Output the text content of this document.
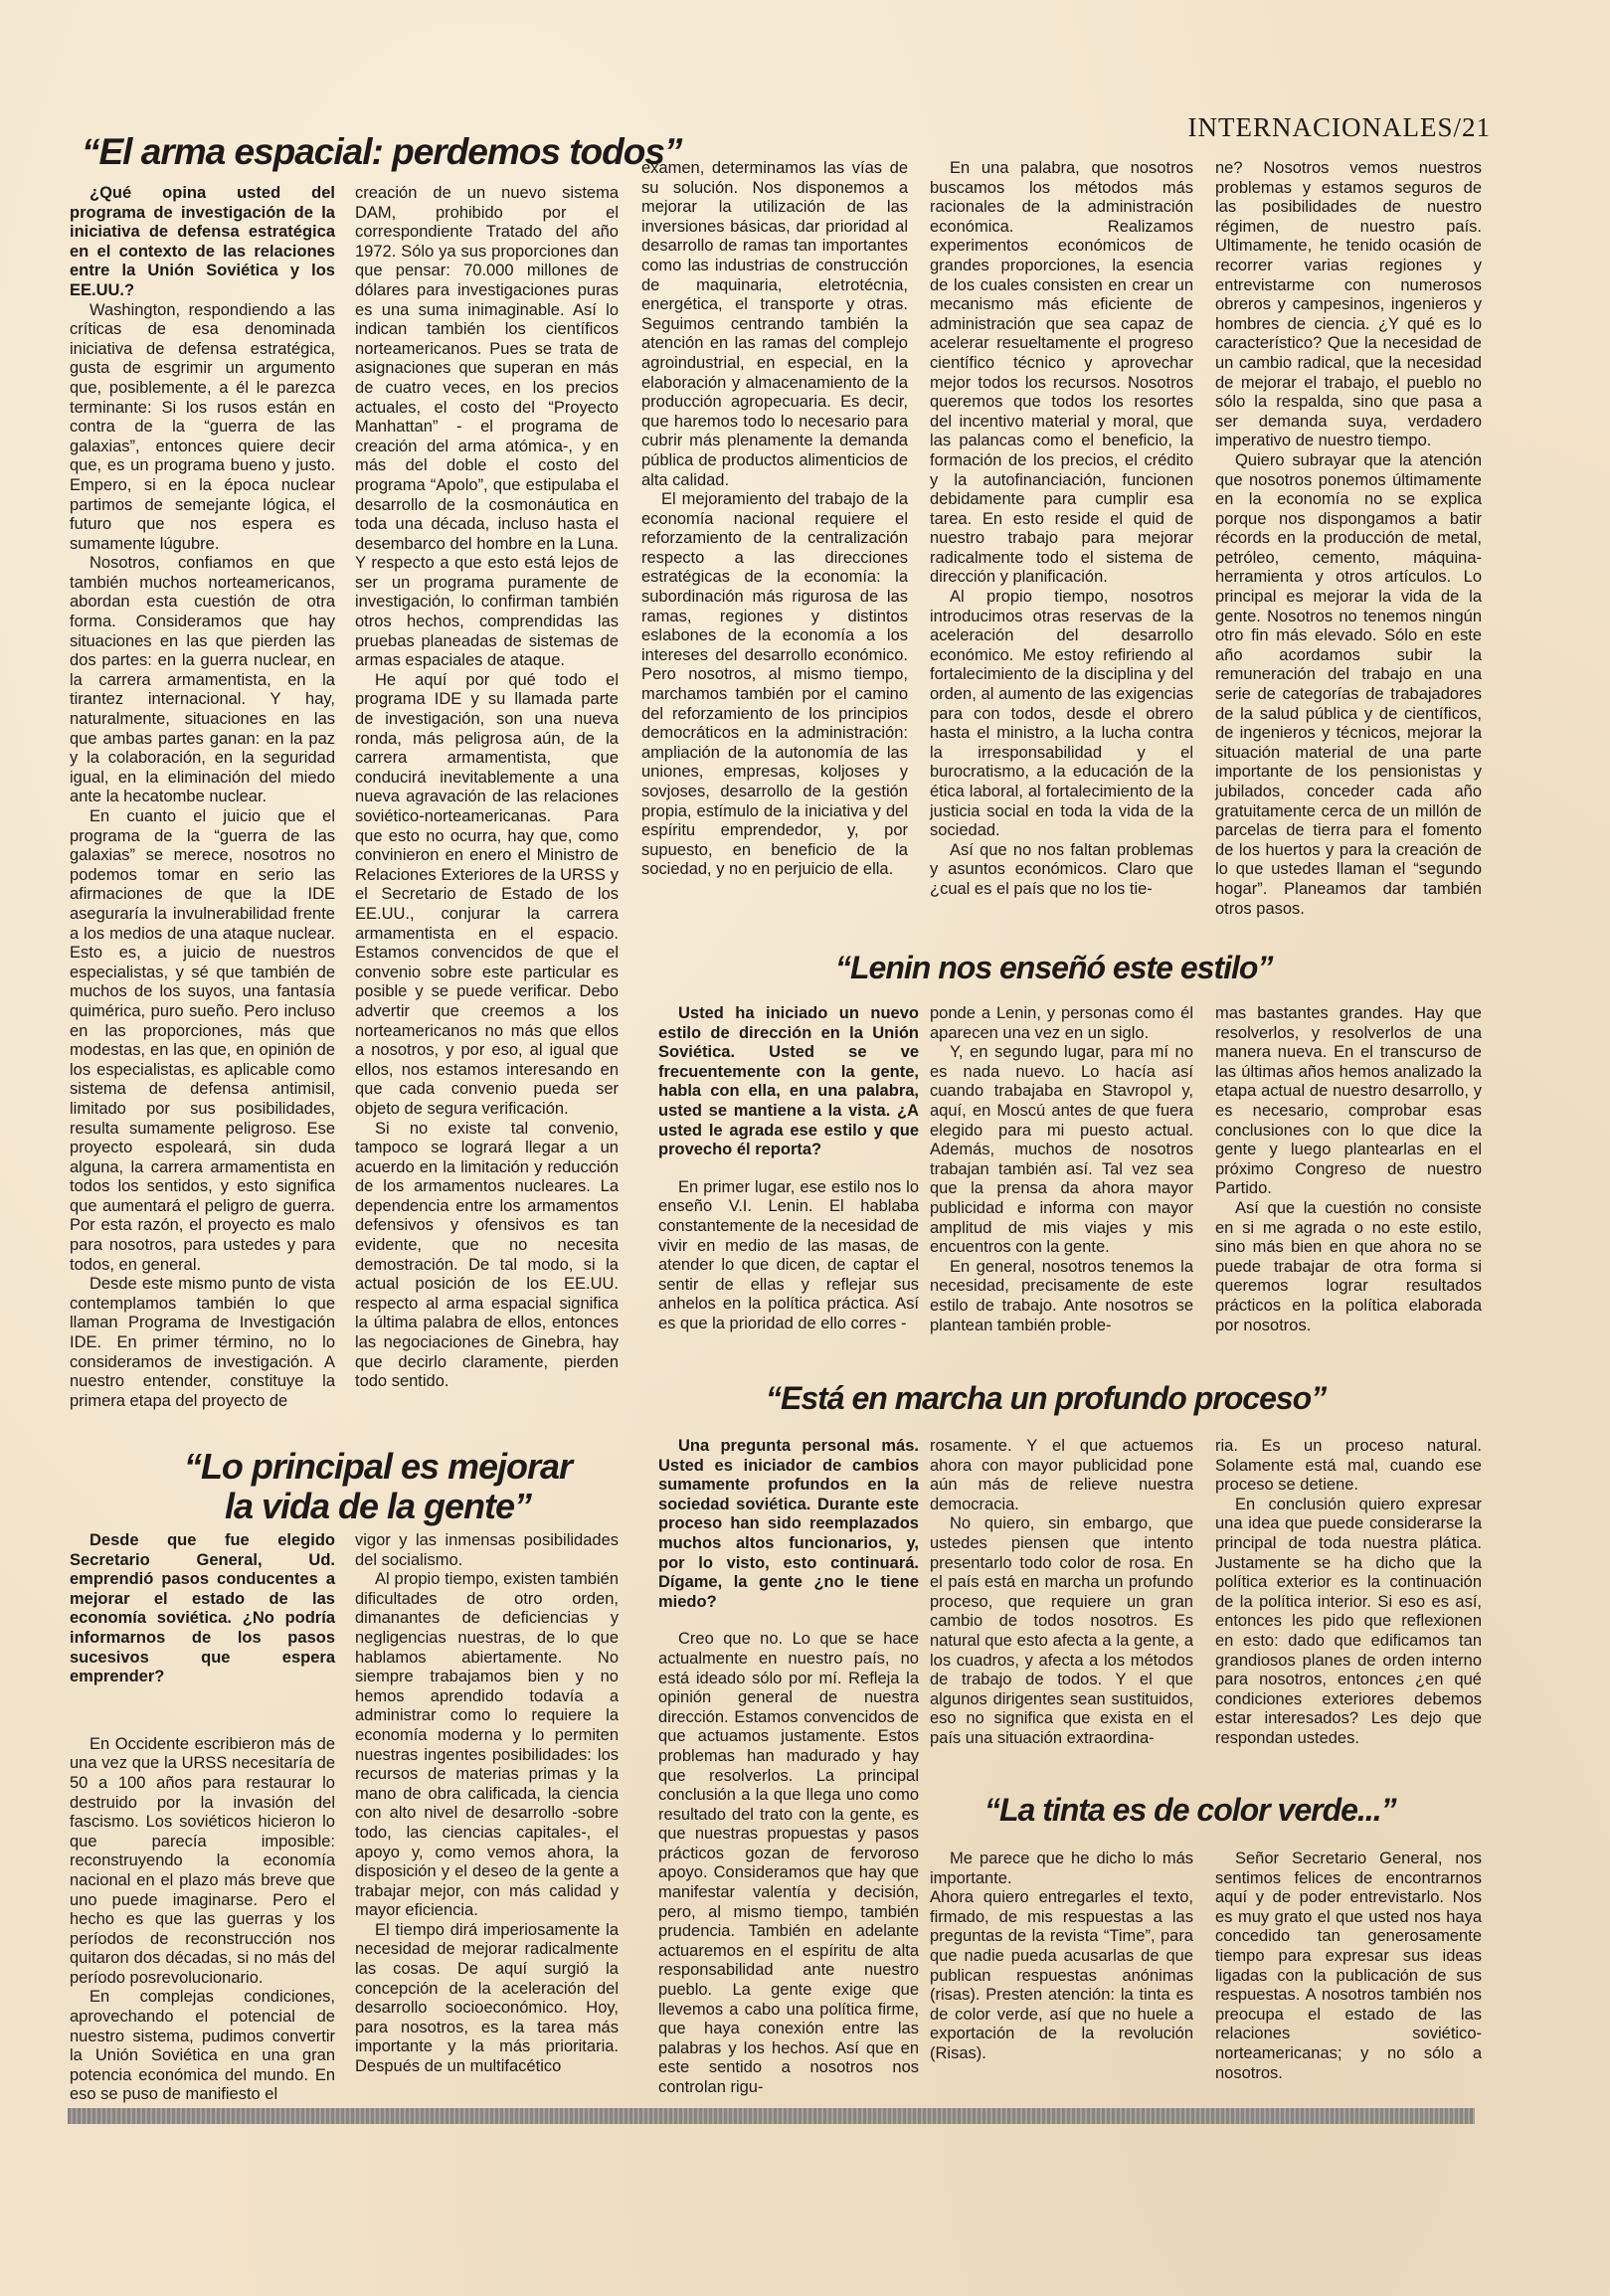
INTERNACIONALES/21
“El arma espacial: perdemos todos”

¿Qué opina usted del programa de investigación de la iniciativa de defensa estratégica en el contexto de las relaciones entre la Unión Soviética y los EE.UU.?

Washington, respondiendo a las críticas de esa denominada iniciativa de defensa estratégica, gusta de esgrimir un argumento que, posiblemente, a él le parezca terminante: Si los rusos están en contra de la “guerra de las galaxias”, entonces quiere decir que, es un programa bueno y justo. Empero, si en la época nuclear partimos de semejante lógica, el futuro que nos espera es sumamente lúgubre.

Nosotros, confiamos en que también muchos norteamericanos, abordan esta cuestión de otra forma. Consideramos que hay situaciones en las que pierden las dos partes: en la guerra nuclear, en la carrera armamentista, en la tirantez internacional. Y hay, naturalmente, situaciones en las que ambas partes ganan: en la paz y la colaboración, en la seguridad igual, en la eliminación del miedo ante la hecatombe nuclear.

En cuanto el juicio que el programa de la “guerra de las galaxias” se merece, nosotros no podemos tomar en serio las afirmaciones de que la IDE aseguraría la invulnerabilidad frente a los medios de una ataque nuclear. Esto es, a juicio de nuestros especialistas, y sé que también de muchos de los suyos, una fantasía quimérica, puro sueño. Pero incluso en las proporciones, más que modestas, en las que, en opinión de los especialistas, es aplicable como sistema de defensa antimisil, limitado por sus posibilidades, resulta sumamente peligroso. Ese proyecto espoleará, sin duda alguna, la carrera armamentista en todos los sentidos, y esto significa que aumentará el peligro de guerra. Por esta razón, el proyecto es malo para nosotros, para ustedes y para todos, en general.

Desde este mismo punto de vista contemplamos también lo que llaman Programa de Investigación IDE. En primer término, no lo consideramos de investigación. A nuestro entender, constituye la primera etapa del proyecto de

creación de un nuevo sistema DAM, prohibido por el correspondiente Tratado del año 1972. Sólo ya sus proporciones dan que pensar: 70.000 millones de dólares para investigaciones puras es una suma inimaginable. Así lo indican también los científicos norteamericanos. Pues se trata de asignaciones que superan en más de cuatro veces, en los precios actuales, el costo del “Proyecto Manhattan” - el programa de creación del arma atómica-, y en más del doble el costo del programa “Apolo”, que estipulaba el desarrollo de la cosmonáutica en toda una década, incluso hasta el desembarco del hombre en la Luna. Y respecto a que esto está lejos de ser un programa puramente de investigación, lo confirman también otros hechos, comprendidas las pruebas planeadas de sistemas de armas espaciales de ataque.

He aquí por qué todo el programa IDE y su llamada parte de investigación, son una nueva ronda, más peligrosa aún, de la carrera armamentista, que conducirá inevitablemente a una nueva agravación de las relaciones soviético-norteamericanas. Para que esto no ocurra, hay que, como convinieron en enero el Ministro de Relaciones Exteriores de la URSS y el Secretario de Estado de los EE.UU., conjurar la carrera armamentista en el espacio. Estamos convencidos de que el convenio sobre este particular es posible y se puede verificar. Debo advertir que creemos a los norteamericanos no más que ellos a nosotros, y por eso, al igual que ellos, nos estamos interesando en que cada convenio pueda ser objeto de segura verificación.

Si no existe tal convenio, tampoco se logrará llegar a un acuerdo en la limitación y reducción de los armamentos nucleares. La dependencia entre los armamentos defensivos y ofensivos es tan evidente, que no necesita demostración. De tal modo, si la actual posición de los EE.UU. respecto al arma espacial significa la última palabra de ellos, entonces las negociaciones de Ginebra, hay que decirlo claramente, pierden todo sentido.

examen, determinamos las vías de su solución. Nos disponemos a mejorar la utilización de las inversiones básicas, dar prioridad al desarrollo de ramas tan importantes como las industrias de construcción de maquinaria, eletrotécnia, energética, el transporte y otras. Seguimos centrando también la atención en las ramas del complejo agroindustrial, en especial, en la elaboración y almacenamiento de la producción agropecuaria. Es decir, que haremos todo lo necesario para cubrir más plenamente la demanda pública de productos alimenticios de alta calidad.

El mejoramiento del trabajo de la economía nacional requiere el reforzamiento de la centralización respecto a las direcciones estratégicas de la economía: la subordinación más rigurosa de las ramas, regiones y distintos eslabones de la economía a los intereses del desarrollo económico. Pero nosotros, al mismo tiempo, marchamos también por el camino del reforzamiento de los principios democráticos en la administración: ampliación de la autonomía de las uniones, empresas, koljoses y sovjoses, desarrollo de la gestión propia, estímulo de la iniciativa y del espíritu emprendedor, y, por supuesto, en beneficio de la sociedad, y no en perjuicio de ella.

En una palabra, que nosotros buscamos los métodos más racionales de la administración económica. Realizamos experimentos económicos de grandes proporciones, la esencia de los cuales consisten en crear un mecanismo más eficiente de administración que sea capaz de acelerar resueltamente el progreso científico técnico y aprovechar mejor todos los recursos. Nosotros queremos que todos los resortes del incentivo material y moral, que las palancas como el beneficio, la formación de los precios, el crédito y la autofinanciación, funcionen debidamente para cumplir esa tarea. En esto reside el quid de nuestro trabajo para mejorar radicalmente todo el sistema de dirección y planificación.

Al propio tiempo, nosotros introducimos otras reservas de la aceleración del desarrollo económico. Me estoy refiriendo al fortalecimiento de la disciplina y del orden, al aumento de las exigencias para con todos, desde el obrero hasta el ministro, a la lucha contra la irresponsabilidad y el burocratismo, a la educación de la ética laboral, al fortalecimiento de la justicia social en toda la vida de la sociedad.

Así que no nos faltan problemas y asuntos económicos. Claro que ¿cual es el país que no los tie-

ne? Nosotros vemos nuestros problemas y estamos seguros de las posibilidades de nuestro régimen, de nuestro país. Ultimamente, he tenido ocasión de recorrer varias regiones y entrevistarme con numerosos obreros y campesinos, ingenieros y hombres de ciencia. ¿Y qué es lo característico? Que la necesidad de un cambio radical, que la necesidad de mejorar el trabajo, el pueblo no sólo la respalda, sino que pasa a ser demanda suya, verdadero imperativo de nuestro tiempo.

Quiero subrayar que la atención que nosotros ponemos últimamente en la economía no se explica porque nos dispongamos a batir récords en la producción de metal, petróleo, cemento, máquina-herramienta y otros artículos. Lo principal es mejorar la vida de la gente. Nosotros no tenemos ningún otro fin más elevado. Sólo en este año acordamos subir la remuneración del trabajo en una serie de categorías de trabajadores de la salud pública y de científicos, de ingenieros y técnicos, mejorar la situación material de una parte importante de los pensionistas y jubilados, conceder cada año gratuitamente cerca de un millón de parcelas de tierra para el fomento de los huertos y para la creación de lo que ustedes llaman el “segundo hogar”. Planeamos dar también otros pasos.

“Lo principal es mejorar
la vida de la gente”

Desde que fue elegido Secretario General, Ud. emprendió pasos conducentes a mejorar el estado de las economía soviética. ¿No podría informarnos de los pasos sucesivos que espera emprender?

En Occidente escribieron más de una vez que la URSS necesitaría de 50 a 100 años para restaurar lo destruido por la invasión del fascismo. Los soviéticos hicieron lo que parecía imposible: reconstruyendo la economía nacional en el plazo más breve que uno puede imaginarse. Pero el hecho es que las guerras y los períodos de reconstrucción nos quitaron dos décadas, si no más del período posrevolucionario.

En complejas condiciones, aprovechando el potencial de nuestro sistema, pudimos convertir la Unión Soviética en una gran potencia económica del mundo. En eso se puso de manifiesto el

vigor y las inmensas posibilidades del socialismo.

Al propio tiempo, existen también dificultades de otro orden, dimanantes de deficiencias y negligencias nuestras, de lo que hablamos abiertamente. No siempre trabajamos bien y no hemos aprendido todavía a administrar como lo requiere la economía moderna y lo permiten nuestras ingentes posibilidades: los recursos de materias primas y la mano de obra calificada, la ciencia con alto nivel de desarrollo -sobre todo, las ciencias capitales-, el apoyo y, como vemos ahora, la disposición y el deseo de la gente a trabajar mejor, con más calidad y mayor eficiencia.

El tiempo dirá imperiosamente la necesidad de mejorar radicalmente las cosas. De aquí surgió la concepción de la aceleración del desarrollo socioeconómico. Hoy, para nosotros, es la tarea más importante y la más prioritaria. Después de un multifacético

“Lenin nos enseñó este estilo”

Usted ha iniciado un nuevo estilo de dirección en la Unión Soviética. Usted se ve frecuentemente con la gente, habla con ella, en una palabra, usted se mantiene a la vista. ¿A usted le agrada ese estilo y que provecho él reporta?

En primer lugar, ese estilo nos lo enseño V.I. Lenin. El hablaba constantemente de la necesidad de vivir en medio de las masas, de atender lo que dicen, de captar el sentir de ellas y reflejar sus anhelos en la política práctica. Así es que la prioridad de ello corres -

ponde a Lenin, y personas como él aparecen una vez en un siglo.

Y, en segundo lugar, para mí no es nada nuevo. Lo hacía así cuando trabajaba en Stavropol y, aquí, en Moscú antes de que fuera elegido para mi puesto actual. Además, muchos de nosotros trabajan también así. Tal vez sea que la prensa da ahora mayor publicidad e informa con mayor amplitud de mis viajes y mis encuentros con la gente.

En general, nosotros tenemos la necesidad, precisamente de este estilo de trabajo. Ante nosotros se plantean también proble-

mas bastantes grandes. Hay que resolverlos, y resolverlos de una manera nueva. En el transcurso de las últimas años hemos analizado la etapa actual de nuestro desarrollo, y es necesario, comprobar esas conclusiones con lo que dice la gente y luego plantearlas en el próximo Congreso de nuestro Partido.

Así que la cuestión no consiste en si me agrada o no este estilo, sino más bien en que ahora no se puede trabajar de otra forma si queremos lograr resultados prácticos en la política elaborada por nosotros.

“Está en marcha un profundo proceso”

Una pregunta personal más. Usted es iniciador de cambios sumamente profundos en la sociedad soviética. Durante este proceso han sido reemplazados muchos altos funcionarios, y, por lo visto, esto continuará. Dígame, la gente ¿no le tiene miedo?

Creo que no. Lo que se hace actualmente en nuestro país, no está ideado sólo por mí. Refleja la opinión general de nuestra dirección. Estamos convencidos de que actuamos justamente. Estos problemas han madurado y hay que resolverlos. La principal conclusión a la que llega uno como resultado del trato con la gente, es que nuestras propuestas y pasos prácticos gozan de fervoroso apoyo. Consideramos que hay que manifestar valentía y decisión, pero, al mismo tiempo, también prudencia. También en adelante actuaremos en el espíritu de alta responsabilidad ante nuestro pueblo. La gente exige que llevemos a cabo una política firme, que haya conexión entre las palabras y los hechos. Así que en este sentido a nosotros nos controlan rigu-

rosamente. Y el que actuemos ahora con mayor publicidad pone aún más de relieve nuestra democracia.

No quiero, sin embargo, que ustedes piensen que intento presentarlo todo color de rosa. En el país está en marcha un profundo proceso, que requiere un gran cambio de todos nosotros. Es natural que esto afecta a la gente, a los cuadros, y afecta a los métodos de trabajo de todos. Y el que algunos dirigentes sean sustituidos, eso no significa que exista en el país una situación extraordina-

ria. Es un proceso natural. Solamente está mal, cuando ese proceso se detiene.

En conclusión quiero expresar una idea que puede considerarse la principal de toda nuestra plática. Justamente se ha dicho que la política exterior es la continuación de la política interior. Si eso es así, entonces les pido que reflexionen en esto: dado que edificamos tan grandiosos planes de orden interno para nosotros, entonces ¿en qué condiciones exteriores debemos estar interesados? Les dejo que respondan ustedes.

“La tinta es de color verde...”

Me parece que he dicho lo más importante.

Ahora quiero entregarles el texto, firmado, de mis respuestas a las preguntas de la revista “Time”, para que nadie pueda acusarlas de que publican respuestas anónimas (risas). Presten atención: la tinta es de color verde, así que no huele a exportación de la revolución (Risas).

Señor Secretario General, nos sentimos felices de encontrarnos aquí y de poder entrevistarlo. Nos es muy grato el que usted nos haya concedido tan generosamente tiempo para expresar sus ideas ligadas con la publicación de sus respuestas. A nosotros también nos preocupa el estado de las relaciones soviético-norteamericanas; y no sólo a nosotros.
